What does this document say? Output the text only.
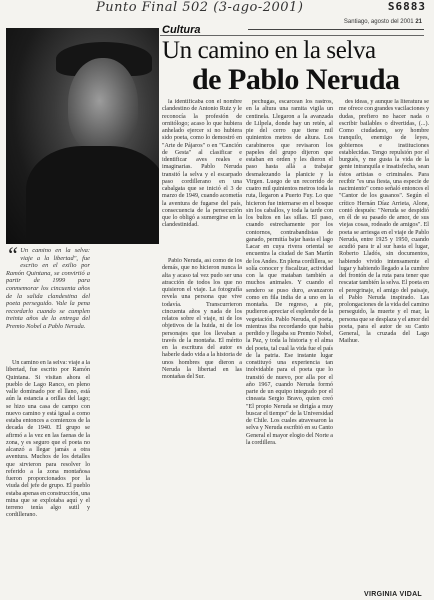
Punto Final 502 (3-ago-2001)	S6883
Santiago, agosto del 2001 21
Cultura
Un camino en la selva
de Pablo Neruda

la identificaba con el nombre clandestino de Antonio Ruiz y le reconocía la profesión de ornitólogo; acaso lo que hubiera anhelado ejercer si no hubiera sido poeta, como lo demostró en "Arte de Pájaros" o en "Canción de Gesta" al clasificar e identificar aves reales e imaginarias. Pablo Neruda transitó la selva y el escarpado paso cordillerano en una cabalgata que se inició el 3 de marzo de 1949, cuando acometía la aventura de fugarse del país, consecuencia de la persecución que lo obligó a sumergirse en la clandestinidad.

“ Un camino en la selva: viaje a la libertad", fue escrito en el exilio por Ramón Quintana, se convirtió a partir de 1999 para conmemorar los cincuenta años de la salida clandestina del poeta perseguido. Vale la pena recordarlo cuando se cumplen treinta años de la entrega del Premio Nobel a Pablo Neruda.

Un camino en la selva: viaje a la libertad, fue escrito por Ramón Quintana. Si visitan ahora el pueblo de Lago Ranco, en pleno valle dominado por el llano, está aún la estancia a orillas del lago; se hizo una casa de campo con nuevo camino y está igual a como estaba entonces a comienzos de la decada de 1940. El grupo se afirmó a la vez en las faenas de la zona, y es seguro que el poeta no alcanzó a llegar jamás a otra aventura. Muchos de los detalles que sirvieron para resolver lo referido a la zona montañosa fueron proporcionados por la viuda del jefe de grupo. El pueblo estaba apenas en construcción, una mina que se explotaba aquí y el terreno tenía algo sutil y cordillerano.

Pablo Neruda, así como de los demás, que no hicieron nunca la alta y acaso tal vez pudo ser una atracción de todos los que no quisieron el viaje. La fotografía revela una persona que vive todavía. Transcurrieron cincuenta años y nada de los relatos sobre el viaje, ni de los objetivos de la huida, ni de los personajes que los llevaban a través de la montaña. El mérito en la escritura del autor es haberle dado vida a la historia de unos hombres que dieron a Neruda la libertad en las montañas del Sur.

pechugas, escarcean los rastros, en la altura una ramita vigila un centinela. Llegaron a la avanzada de Lilpela, donde hay un retén, al pie del cerro que tiene mil quinientos metros de altura. Los carabineros que revisaron los papeles del grupo dijeron que estaban en orden y les dieron el paso hasta allá a trabajar desmalezando la planicie y la Virgen. Luego de un recorrido de cuatro mil quinientos metros toda la ruta, llegaron a Puerto Fuy. Lo que hicieron fue internarse en el bosque sin los caballos, y toda la tarde con los bultos en las sillas. El paso, cuando estrechamente por los contornos, contrabandistas de ganado, permitía bajar hasta el lago Lacar en cuya rivera oriental se encuentra la ciudad de San Martín de los Andes. En plena cordillera, se solía conocer y fiscalizar, actividad con la que mataban también a muchos animales. Y cuando el sendero se puso duro, avanzaron como en fila india de a uno en la montaña. De regreso, a pie, pudieron apreciar el esplendor de la vegetación. Pablo Neruda, el poeta, mientras iba recordando que había perdido y llegaba su Premio Nobel, la Paz, y toda la historia y el alma del poeta, tal cual la vida fue el país de la patria. Ese instante lugar constituyó una experiencia tan inolvidable para el poeta que lo transitó de nuevo, por alla por el año 1967, cuando Neruda formó parte de un equipo integrado por el cineasta Sergio Bravo, quien creó "El propio Neruda se dirigía a muy buscar el tiempo" de la Universidad de Chile. Los cuales atravesaron la selva y Neruda escribió en su Canto General el mayor elogio del Norte a la cordillera.

des ideas, y aunque la literatura se me ofrece con grandes vacilaciones y dudas, prefiero no hacer nada o escribir bailables o divertidas, (...). Como ciudadano, soy hombre tranquilo, enemigo de leyes, gobiernos e instituciones establecidas. Tengo repulsión por el burgués, y me gusta la vida de la gente intranquila e insatisfecha, sean éstos artistas o criminales. Para recibir "es una fiesta, una especie de nacimiento" como señaló entonces el "Cantor de los gusanos". Según el crítico Hernán Díaz Arrieta, Alone, contó después: "Neruda se despidió en él de su pasado de amor, de sus viejas cosas, rodeado de amigos". El poeta se arriesga en el viaje de Pablo Neruda, entre 1925 y 1950, cuando acudió para ir al sur hasta el lugar, Roberto Lladós, sin documentos, habiendo vivido intensamente el lugar y habiendo llegado a la cumbre del frontón de la ruta para tener que rescatar también la selva. El poeta en el peregrinaje, el amigo del paisaje, el Pablo Neruda inspirado. Las prolongaciones de la vida del camino perseguido, la muerte y el mar, la persona que se desplaza y el amor del poeta, para el autor de su Canto General, la cruzada del Lago Maihue.

VIRGINIA VIDAL
